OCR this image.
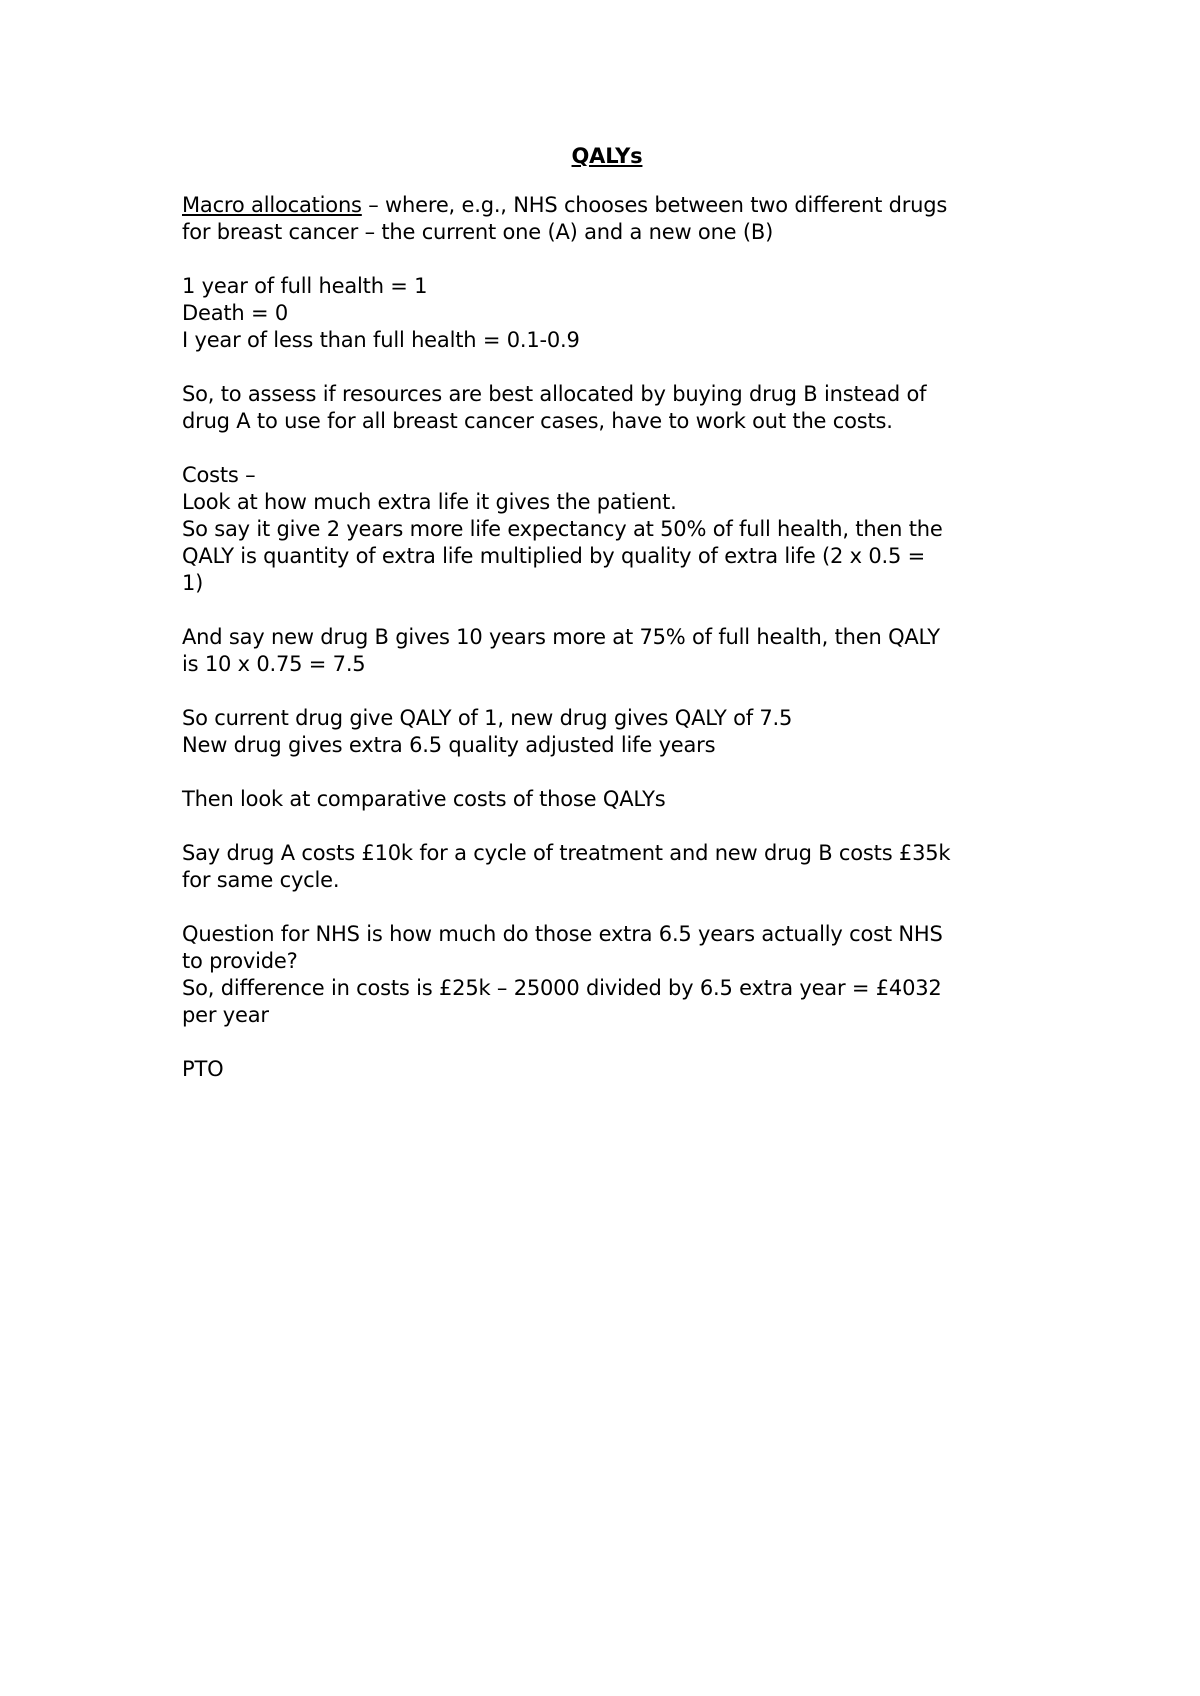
QALYs
Macro allocations – where, e.g., NHS chooses between two different drugs
for breast cancer – the current one (A) and a new one (B)
1 year of full health = 1
Death = 0
I year of less than full health = 0.1-0.9
So, to assess if resources are best allocated by buying drug B instead of
drug A to use for all breast cancer cases, have to work out the costs.
Costs –
Look at how much extra life it gives the patient.
So say it give 2 years more life expectancy at 50% of full health, then the
QALY is quantity of extra life multiplied by quality of extra life (2 x 0.5 =
1)
And say new drug B gives 10 years more at 75% of full health, then QALY
is 10 x 0.75 = 7.5
So current drug give QALY of 1, new drug gives QALY of 7.5
New drug gives extra 6.5 quality adjusted life years
Then look at comparative costs of those QALYs
Say drug A costs £10k for a cycle of treatment and new drug B costs £35k
for same cycle.
Question for NHS is how much do those extra 6.5 years actually cost NHS
to provide?
So, difference in costs is £25k – 25000 divided by 6.5 extra year = £4032
per year
PTO
